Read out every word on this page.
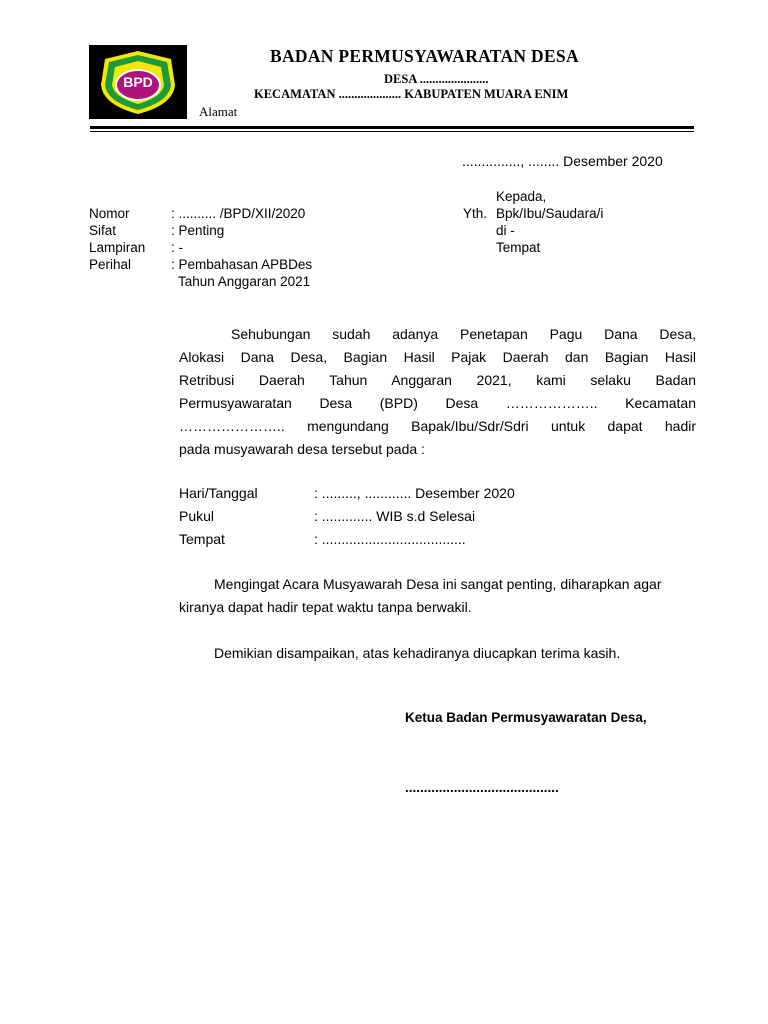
BPD
BADAN PERMUSYAWARATAN DESA
DESA ......................
KECAMATAN .................... KABUPATEN MUARA ENIM
Alamat
..............., ........ Desember 2020
Kepada,
Yth. Bpk/Ibu/Saudara/i
di -
Tempat
Nomor	: .......... /BPD/XII/2020
Sifat	: Penting
Lampiran : -
Perihal	: Pembahasan APBDes
Tahun Anggaran 2021
Sehubungan sudah adanya Penetapan Pagu Dana Desa,
Alokasi Dana Desa, Bagian Hasil Pajak Daerah dan Bagian Hasil
Retribusi Daerah Tahun Anggaran 2021, kami selaku Badan
Permusyawaratan Desa (BPD) Desa ……………….. Kecamatan
………………….. mengundang Bapak/Ibu/Sdr/Sdri untuk dapat hadir
pada musyawarah desa tersebut pada :
Hari/Tanggal	: ........., ............ Desember 2020
Pukul	: ............. WIB s.d Selesai
Tempat	: .....................................
Mengingat Acara Musyawarah Desa ini sangat penting, diharapkan agar
kiranya dapat hadir tepat waktu tanpa berwakil.
Demikian disampaikan, atas kehadiranya diucapkan terima kasih.
Ketua Badan Permusyawaratan Desa,
.........................................
